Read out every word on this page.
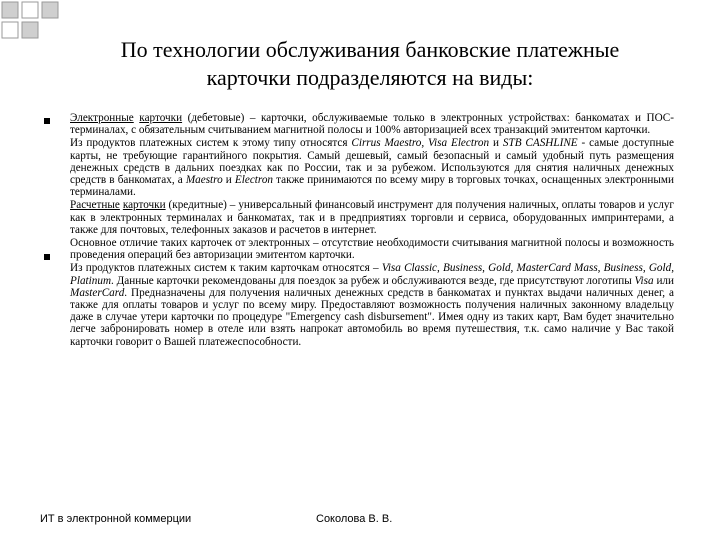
По технологии обслуживания банковские платежные
карточки подразделяются на виды:

Электронные карточки (дебетовые) – карточки, обслуживаемые только в электронных устройствах: банкоматах и ПОС-терминалах, с обязательным считыванием магнитной полосы и 100% авторизацией всех транзакций эмитентом карточки.

Из продуктов платежных систем к этому типу относятся Cirrus Maestro, Visa Electron и STB CASHLINE - самые доступные карты, не требующие гарантийного покрытия. Самый дешевый, самый безопасный и самый удобный путь размещения денежных средств в дальних поездках как по России, так и за рубежом. Используются для снятия наличных денежных средств в банкоматах, а Maestro и Electron также принимаются по всему миру в торговых точках, оснащенных электронными терминалами.

Расчетные карточки (кредитные) – универсальный финансовый инструмент для получения наличных, оплаты товаров и услуг как в электронных терминалах и банкоматах, так и в предприятиях торговли и сервиса, оборудованных импринтерами, а также для почтовых, телефонных заказов и расчетов в интернет.

Основное отличие таких карточек от электронных – отсутствие необходимости считывания магнитной полосы и возможность проведения операций без авторизации эмитентом карточки.

Из продуктов платежных систем к таким карточкам относятся – Visa Classic, Business, Gold, MasterCard Mass, Business, Gold, Platinum. Данные карточки рекомендованы для поездок за рубеж и обслуживаются везде, где присутствуют логотипы Visa или MasterCard. Предназначены для получения наличных денежных средств в банкоматах и пунктах выдачи наличных денег, а также для оплаты товаров и услуг по всему миру. Предоставляют возможность получения наличных законному владельцу даже в случае утери карточки по процедуре "Emergency cash disbursement". Имея одну из таких карт, Вам будет значительно легче забронировать номер в отеле или взять напрокат автомобиль во время путешествия, т.к. само наличие у Вас такой карточки говорит о Вашей платежеспособности.

ИТ в электронной коммерции	Соколова В. В.
